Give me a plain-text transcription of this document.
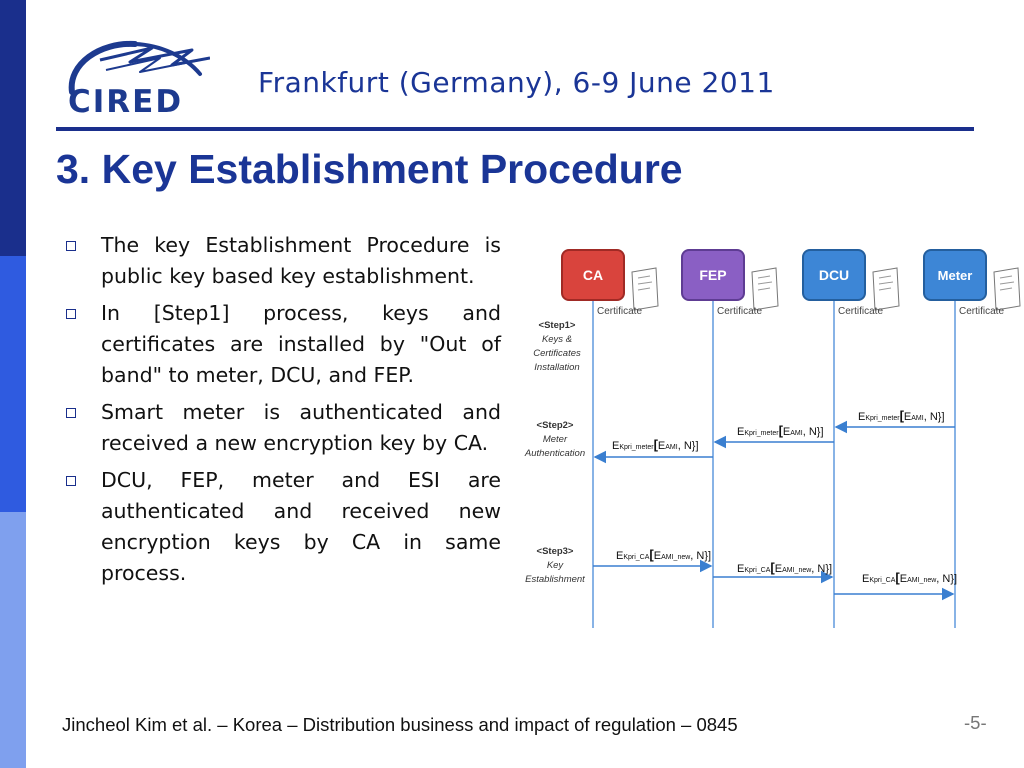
CIRED
Frankfurt (Germany), 6-9 June 2011
3. Key Establishment Procedure
The key Establishment Procedure is public key based key establishment.
In [Step1] process, keys and certificates are installed by "Out of band" to meter, DCU, and FEP.
Smart meter is authenticated and received a new encryption key by CA.
DCU, FEP, meter and ESI are authenticated and received new encryption keys by CA in same process.
CA	FEP	DCU	Meter
Certificate	Certificate	Certificate	Certificate
<Step1>
Keys &
Certificates
Installation
<Step2>
Meter
Authentication
<Step3>
Key
Establishment
EKpri_meter[EAMI, N}]
EKpri_meter[EAMI, N}]
EKpri_meter[EAMI, N}]
EKpri_CA[EAMI_new, N}]
EKpri_CA[EAMI_new, N}]
EKpri_CA[EAMI_new, N}]
Jincheol Kim et al. – Korea – Distribution business and impact of regulation – 0845	-5-
